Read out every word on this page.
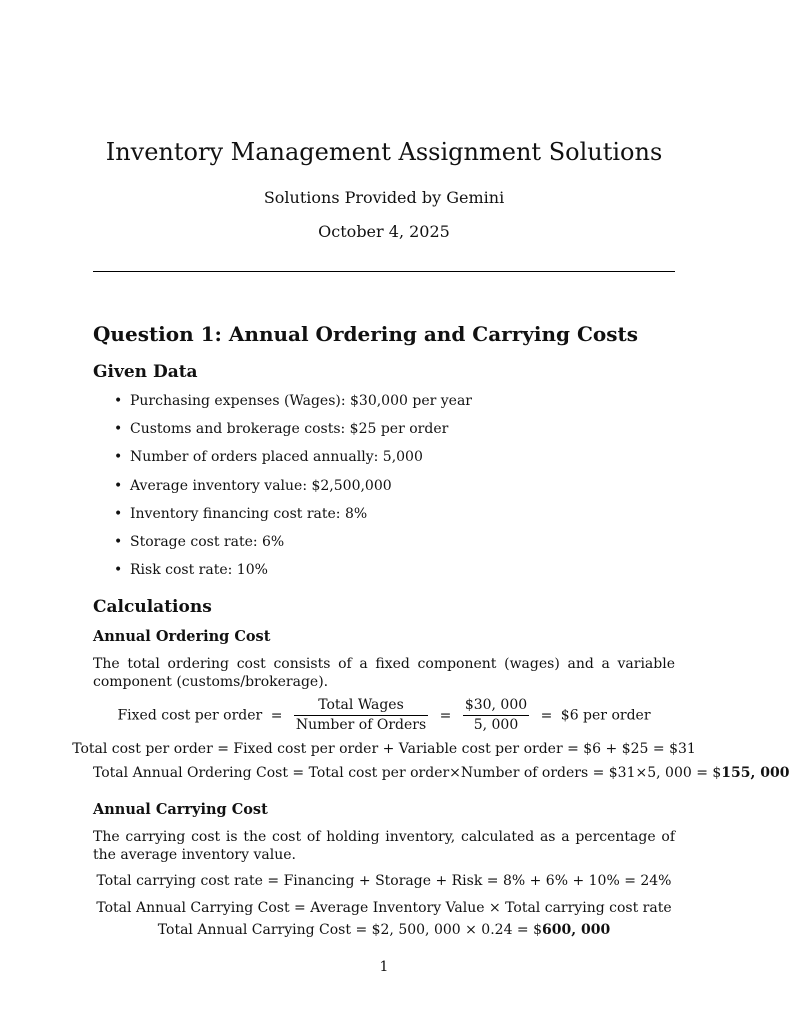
Inventory Management Assignment Solutions
Solutions Provided by Gemini
October 4, 2025
Question 1: Annual Ordering and Carrying Costs
Given Data
• Purchasing expenses (Wages): $30,000 per year
• Customs and brokerage costs: $25 per order
• Number of orders placed annually: 5,000
• Average inventory value: $2,500,000
• Inventory financing cost rate: 8%
• Storage cost rate: 6%
• Risk cost rate: 10%
Calculations
Annual Ordering Cost
The total ordering cost consists of a fixed component (wages) and a variable component (customs/brokerage).
Fixed cost per order = $\frac{\text{Total Wages}}{\text{Number of Orders}} = \frac{\$30, 000}{5, 000}$ = $6 per order
Total cost per order = Fixed cost per order + Variable cost per order = $6 + $25 = $31
Total Annual Ordering Cost = Total cost per order×Number of orders = $31×5, 000 = $155, 000
Annual Carrying Cost
The carrying cost is the cost of holding inventory, calculated as a percentage of the average inventory value.
Total carrying cost rate = Financing + Storage + Risk = 8% + 6% + 10% = 24%
Total Annual Carrying Cost = Average Inventory Value × Total carrying cost rate
Total Annual Carrying Cost = $2, 500, 000 × 0.24 = $600, 000
1
